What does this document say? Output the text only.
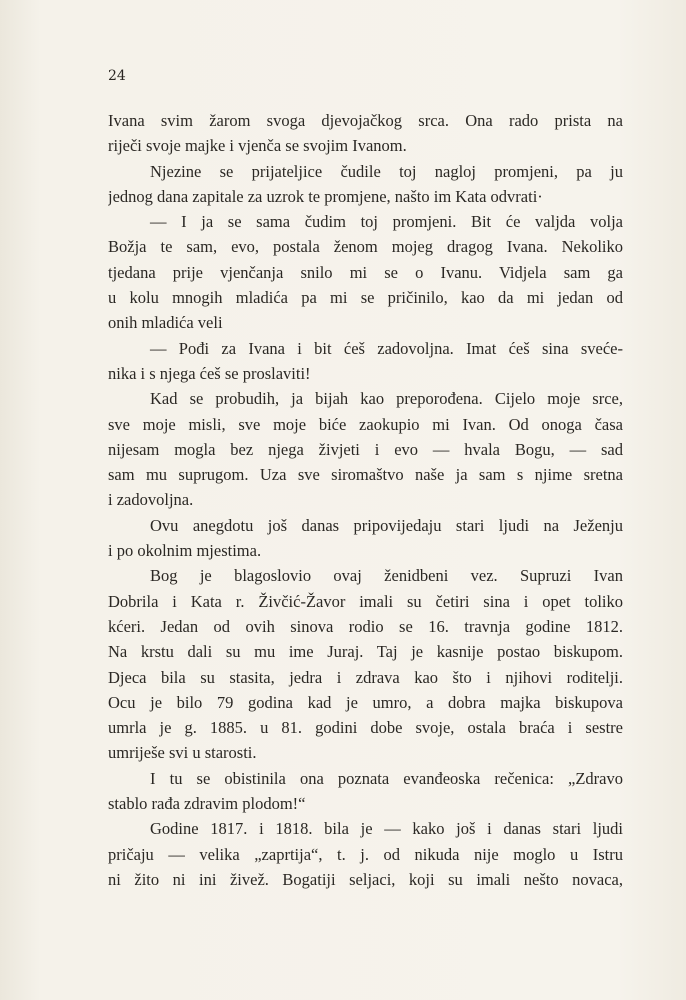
24
Ivana svim žarom svoga djevojačkog srca. Ona rado prista na
riječi svoje majke i vjenča se svojim Ivanom.
Njezine se prijateljice čudile toj nagloj promjeni, pa ju
jednog dana zapitale za uzrok te promjene, našto im Kata odvrati·
— I ja se sama čudim toj promjeni. Bit će valjda volja
Božja te sam, evo, postala ženom mojeg dragog Ivana. Nekoliko
tjedana prije vjenčanja snilo mi se o Ivanu. Vidjela sam ga
u kolu mnogih mladića pa mi se pričinilo, kao da mi jedan od
onih mladića veli
— Pođi za Ivana i bit ćeš zadovoljna. Imat ćeš sina sveće-
nika i s njega ćeš se proslaviti!
Kad se probudih, ja bijah kao preporođena. Cijelo moje srce,
sve moje misli, sve moje biće zaokupio mi Ivan. Od onoga časa
nijesam mogla bez njega živjeti i evo — hvala Bogu, — sad
sam mu suprugom. Uza sve siromaštvo naše ja sam s njime sretna
i zadovoljna.
Ovu anegdotu još danas pripovijedaju stari ljudi na Ježenju
i po okolnim mjestima.
Bog je blagoslovio ovaj ženidbeni vez. Supruzi Ivan
Dobrila i Kata r. Živčić-Žavor imali su četiri sina i opet toliko
kćeri. Jedan od ovih sinova rodio se 16. travnja godine 1812.
Na krstu dali su mu ime Juraj. Taj je kasnije postao biskupom.
Djeca bila su stasita, jedra i zdrava kao što i njihovi roditelji.
Ocu je bilo 79 godina kad je umro, a dobra majka biskupova
umrla je g. 1885. u 81. godini dobe svoje, ostala braća i sestre
umriješe svi u starosti.
I tu se obistinila ona poznata evanđeoska rečenica: „Zdravo
stablo rađa zdravim plodom!“
Godine 1817. i 1818. bila je — kako još i danas stari ljudi
pričaju — velika „zaprtija“, t. j. od nikuda nije moglo u Istru
ni žito ni ini živež. Bogatiji seljaci, koji su imali nešto novaca,
